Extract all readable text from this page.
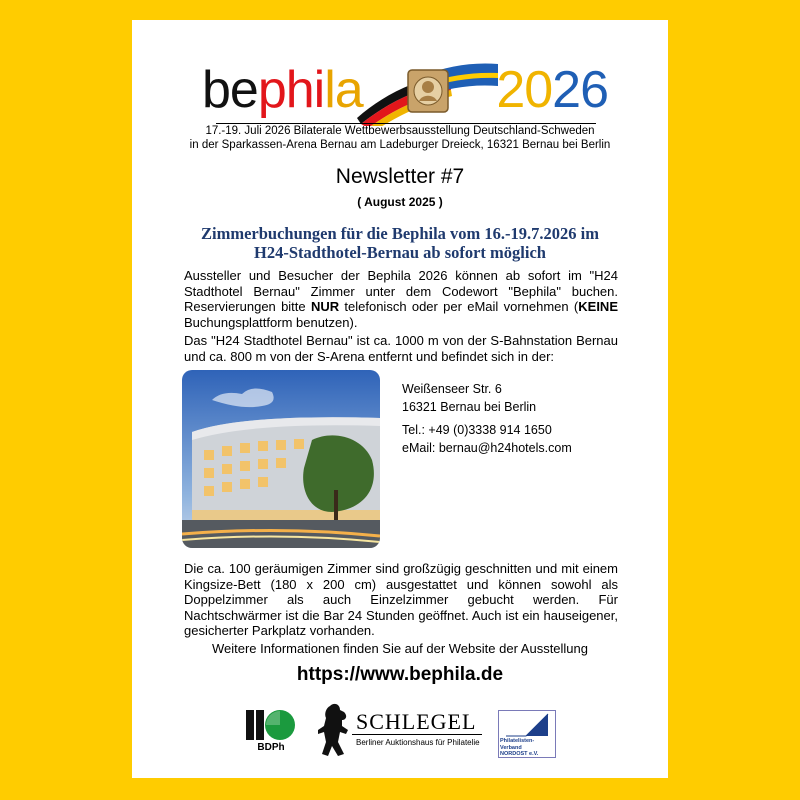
bephila	2026
17.-19. Juli 2026 Bilaterale Wettbewerbsausstellung Deutschland-Schweden
in der Sparkassen-Arena Bernau am Ladeburger Dreieck, 16321 Bernau bei Berlin
Newsletter #7
( August 2025 )
Zimmerbuchungen für die Bephila vom 16.-19.7.2026 im
H24-Stadthotel-Bernau ab sofort möglich
Aussteller und Besucher der Bephila 2026 können ab sofort im "H24 Stadthotel Bernau" Zimmer unter dem Codewort "Bephila" buchen. Reservierungen bitte NUR telefonisch oder per eMail vornehmen (KEINE Buchungsplattform benutzen).
Das "H24 Stadthotel Bernau" ist ca. 1000 m von der S-Bahnstation Bernau und ca. 800 m von der S-Arena entfernt und befindet sich in der:
Weißenseer Str. 6
16321 Bernau bei Berlin
Tel.: +49 (0)3338 914 1650
eMail: bernau@h24hotels.com
Die ca. 100 geräumigen Zimmer sind großzügig geschnitten und mit einem Kingsize-Bett (180 x 200 cm) ausgestattet und können sowohl als Doppelzimmer als auch Einzelzimmer gebucht werden. Für Nachtschwärmer ist die Bar 24 Stunden geöffnet. Auch ist ein hauseigener, gesicherter Parkplatz vorhanden.
Weitere Informationen finden Sie auf der Website der Ausstellung
https://www.bephila.de
BDPh
SCHLEGEL
Berliner Auktionshaus für Philatelie	Philatelisten-Verband
NORDOST e.V.
